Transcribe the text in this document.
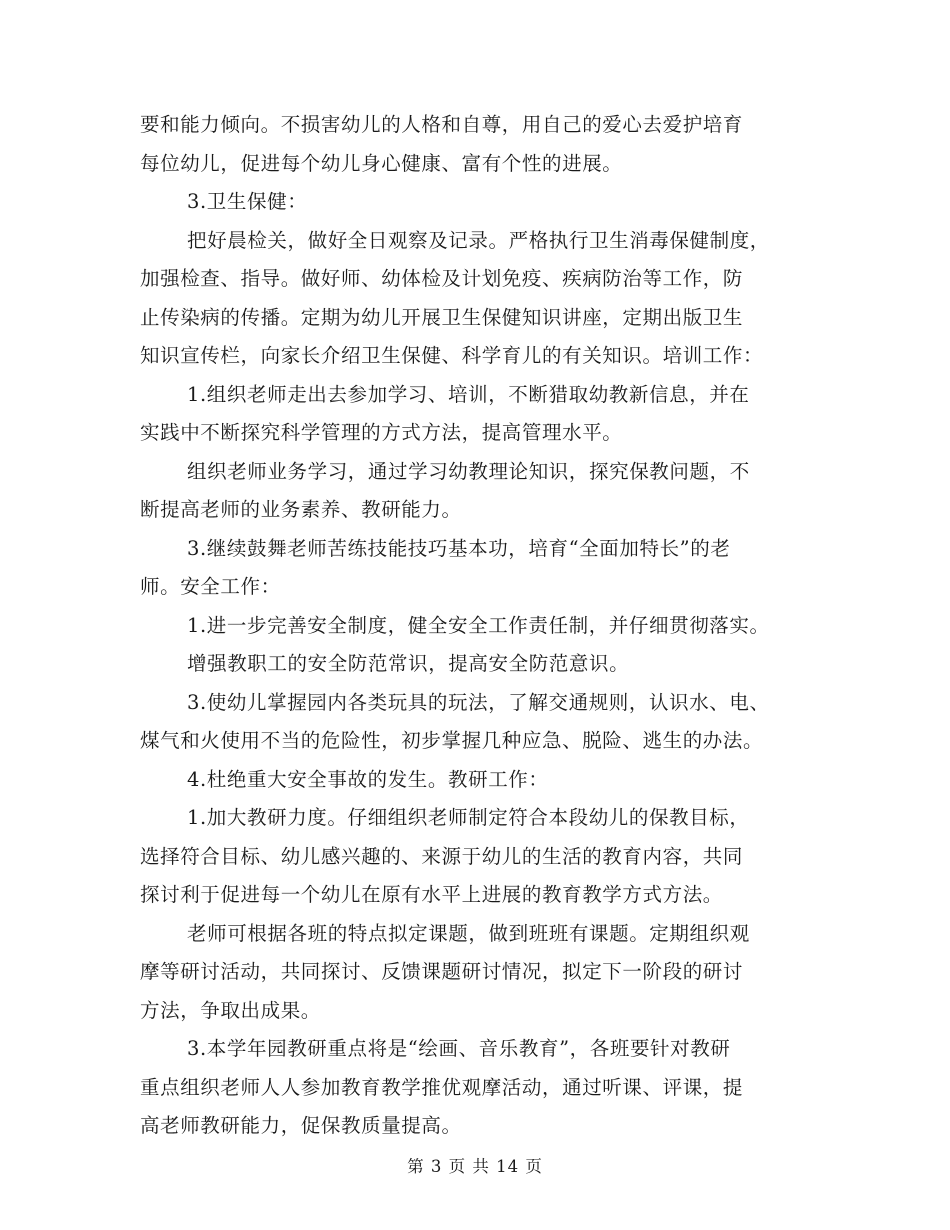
要和能力倾向。不损害幼儿的人格和自尊，用自己的爱心去爱护培育
每位幼儿，促进每个幼儿身心健康、富有个性的进展。
3.卫生保健：
把好晨检关，做好全日观察及记录。严格执行卫生消毒保健制度，
加强检查、指导。做好师、幼体检及计划免疫、疾病防治等工作，防
止传染病的传播。定期为幼儿开展卫生保健知识讲座，定期出版卫生
知识宣传栏，向家长介绍卫生保健、科学育儿的有关知识。培训工作：
1.组织老师走出去参加学习、培训，不断猎取幼教新信息，并在
实践中不断探究科学管理的方式方法，提高管理水平。
组织老师业务学习，通过学习幼教理论知识，探究保教问题，不
断提高老师的业务素养、教研能力。
3.继续鼓舞老师苦练技能技巧基本功，培育“全面加特长”的老
师。安全工作：
1.进一步完善安全制度，健全安全工作责任制，并仔细贯彻落实。
增强教职工的安全防范常识，提高安全防范意识。
3.使幼儿掌握园内各类玩具的玩法，了解交通规则，认识水、电、
煤气和火使用不当的危险性，初步掌握几种应急、脱险、逃生的办法。
4.杜绝重大安全事故的发生。教研工作：
1.加大教研力度。仔细组织老师制定符合本段幼儿的保教目标，
选择符合目标、幼儿感兴趣的、来源于幼儿的生活的教育内容，共同
探讨利于促进每一个幼儿在原有水平上进展的教育教学方式方法。
老师可根据各班的特点拟定课题，做到班班有课题。定期组织观
摩等研讨活动，共同探讨、反馈课题研讨情况，拟定下一阶段的研讨
方法，争取出成果。
3.本学年园教研重点将是“绘画、音乐教育”，各班要针对教研
重点组织老师人人参加教育教学推优观摩活动，通过听课、评课，提
高老师教研能力，促保教质量提高。
第 3 页 共 14 页
